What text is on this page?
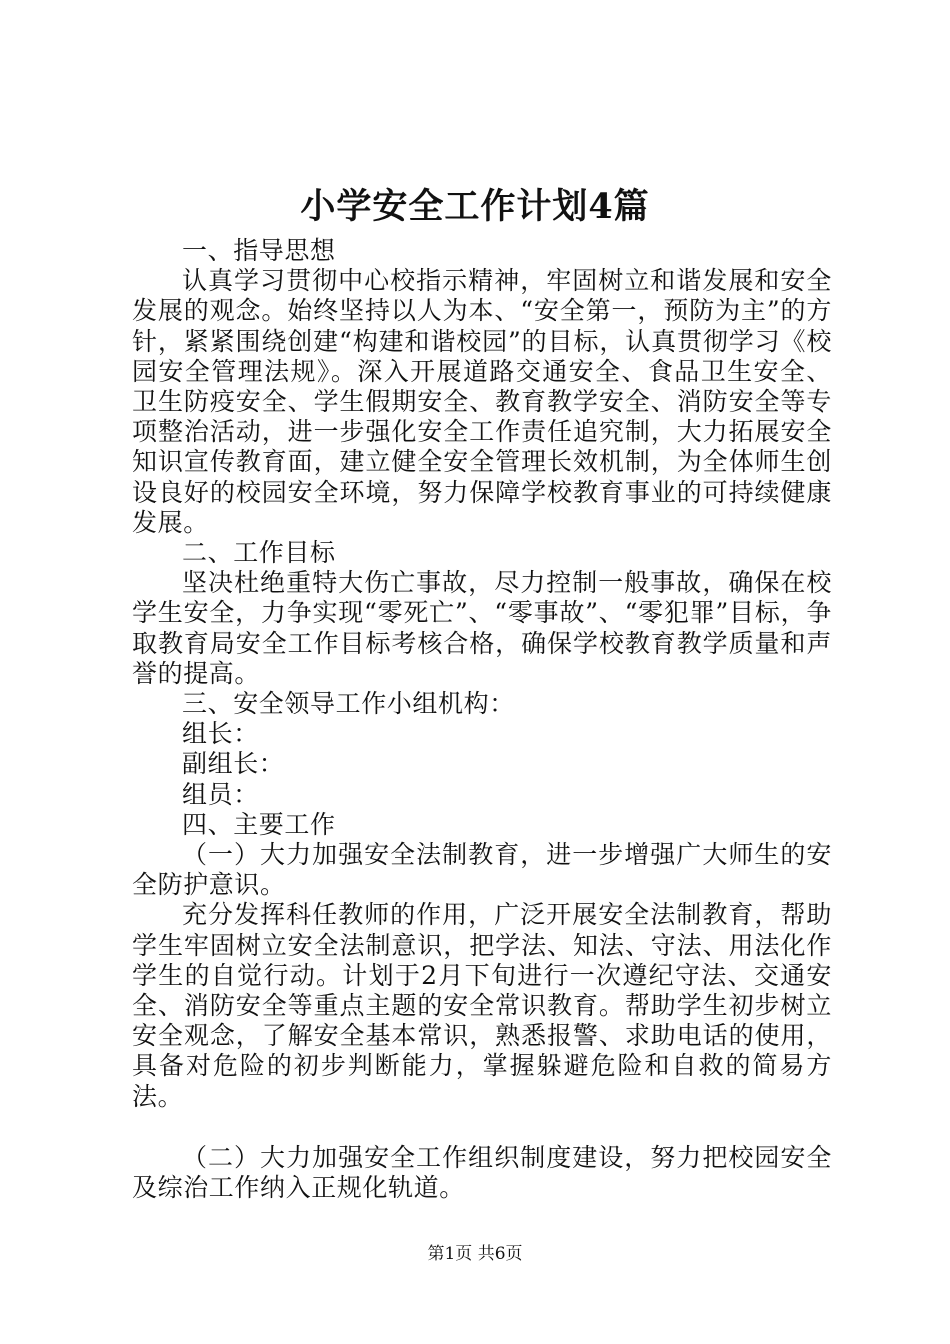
小学安全工作计划4篇

一、指导思想

认真学习贯彻中心校指示精神，牢固树立和谐发展和安全发展的观念。始终坚持以人为本、“安全第一，预防为主”的方针，紧紧围绕创建“构建和谐校园”的目标，认真贯彻学习《校园安全管理法规》。深入开展道路交通安全、食品卫生安全、卫生防疫安全、学生假期安全、教育教学安全、消防安全等专项整治活动，进一步强化安全工作责任追究制，大力拓展安全知识宣传教育面，建立健全安全管理长效机制，为全体师生创设良好的校园安全环境，努力保障学校教育事业的可持续健康发展。

二、工作目标

坚决杜绝重特大伤亡事故，尽力控制一般事故，确保在校学生安全，力争实现“零死亡”、“零事故”、“零犯罪”目标，争取教育局安全工作目标考核合格，确保学校教育教学质量和声誉的提高。

三、安全领导工作小组机构：

组长：

副组长：

组员：

四、主要工作

（一）大力加强安全法制教育，进一步增强广大师生的安全防护意识。

充分发挥科任教师的作用，广泛开展安全法制教育，帮助学生牢固树立安全法制意识，把学法、知法、守法、用法化作学生的自觉行动。计划于2月下旬进行一次遵纪守法、交通安全、消防安全等重点主题的安全常识教育。帮助学生初步树立安全观念，了解安全基本常识，熟悉报警、求助电话的使用，具备对危险的初步判断能力，掌握躲避危险和自救的简易方法。

（二）大力加强安全工作组织制度建设，努力把校园安全及综治工作纳入正规化轨道。

第1页 共6页
